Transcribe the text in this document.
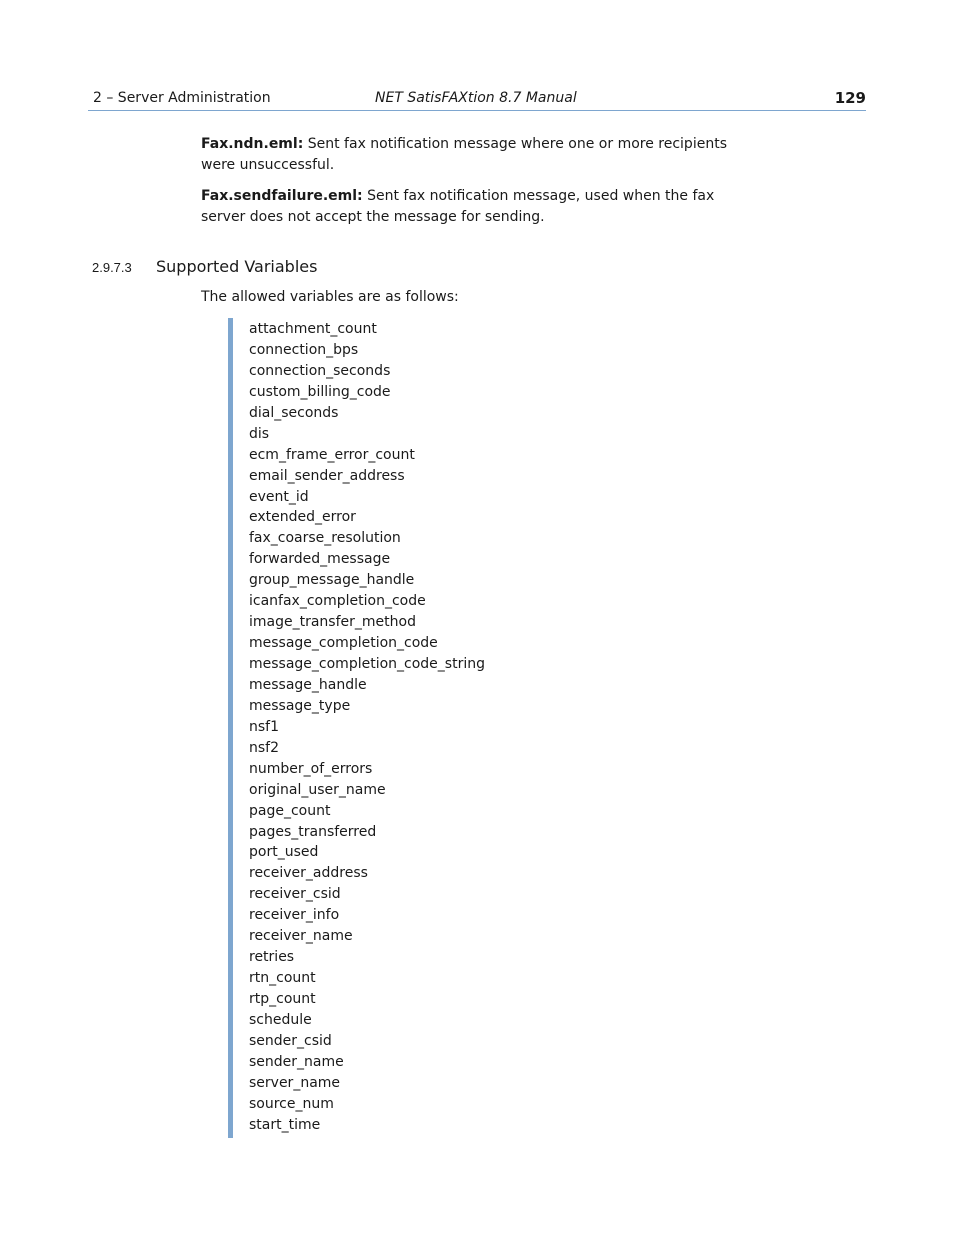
2 – Server Administration	NET SatisFAXtion 8.7 Manual	129
Fax.ndn.eml: Sent fax notification message where one or more recipients were unsuccessful.
Fax.sendfailure.eml: Sent fax notification message, used when the fax server does not accept the message for sending.
2.9.7.3 Supported Variables
The allowed variables are as follows:
attachment_count
connection_bps
connection_seconds
custom_billing_code
dial_seconds
dis
ecm_frame_error_count
email_sender_address
event_id
extended_error
fax_coarse_resolution
forwarded_message
group_message_handle
icanfax_completion_code
image_transfer_method
message_completion_code
message_completion_code_string
message_handle
message_type
nsf1
nsf2
number_of_errors
original_user_name
page_count
pages_transferred
port_used
receiver_address
receiver_csid
receiver_info
receiver_name
retries
rtn_count
rtp_count
schedule
sender_csid
sender_name
server_name
source_num
start_time
